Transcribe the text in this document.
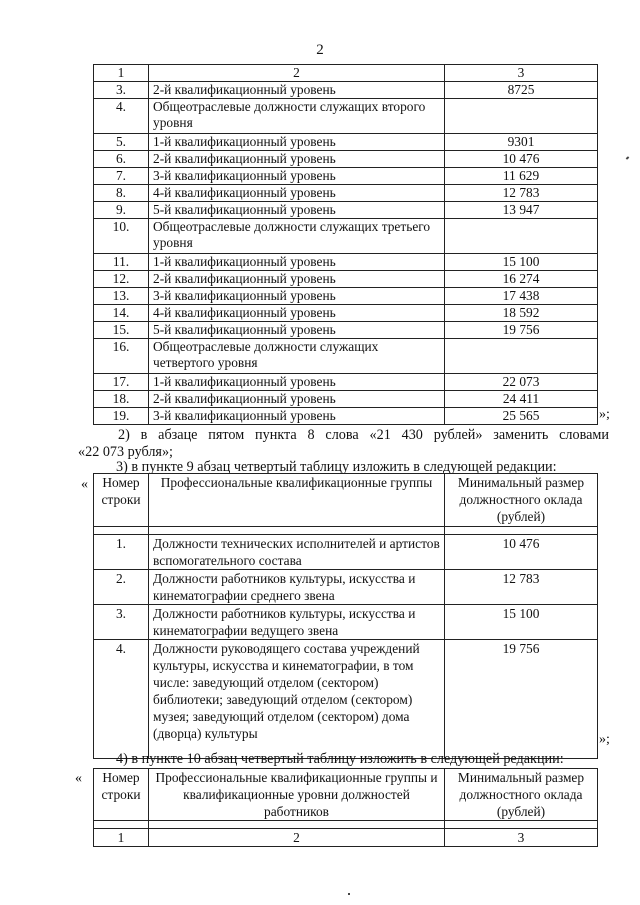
2
1	2	3
3.	2-й квалификационный уровень	8725
4.	Общеотраслевые должности служащих второго уровня	
5.	1-й квалификационный уровень	9301
6.	2-й квалификационный уровень	10 476
7.	3-й квалификационный уровень	11 629
8.	4-й квалификационный уровень	12 783
9.	5-й квалификационный уровень	13 947
10.	Общеотраслевые должности служащих третьего уровня	
11.	1-й квалификационный уровень	15 100
12.	2-й квалификационный уровень	16 274
13.	3-й квалификационный уровень	17 438
14.	4-й квалификационный уровень	18 592
15.	5-й квалификационный уровень	19 756
16.	Общеотраслевые должности служащих четвертого уровня	
17.	1-й квалификационный уровень	22 073
18.	2-й квалификационный уровень	24 411
19.	3-й квалификационный уровень	25 565	»;
2) в абзаце пятом пункта 8 слова «21 430 рублей» заменить словами
«22 073 рубля»;
3) в пункте 9 абзац четвертый таблицу изложить в следующей редакции:
« Номер строки	Профессиональные квалификационные группы	Минимальный размер должностного оклада (рублей)

1.	Должности технических исполнителей и артистов вспомогательного состава	10 476
2.	Должности работников культуры, искусства и кинематографии среднего звена	12 783
3.	Должности работников культуры, искусства и кинематографии ведущего звена	15 100
4.	Должности руководящего состава учреждений культуры, искусства и кинематографии, в том числе: заведующий отделом (сектором) библиотеки; заведующий отделом (сектором) музея; заведующий отделом (сектором) дома (дворца) культуры	19 756
»;
4) в пункте 10 абзац четвертый таблицу изложить в следующей редакции:
« Номер строки	Профессиональные квалификационные группы и квалификационные уровни должностей работников	Минимальный размер должностного оклада (рублей)

1	2	3
